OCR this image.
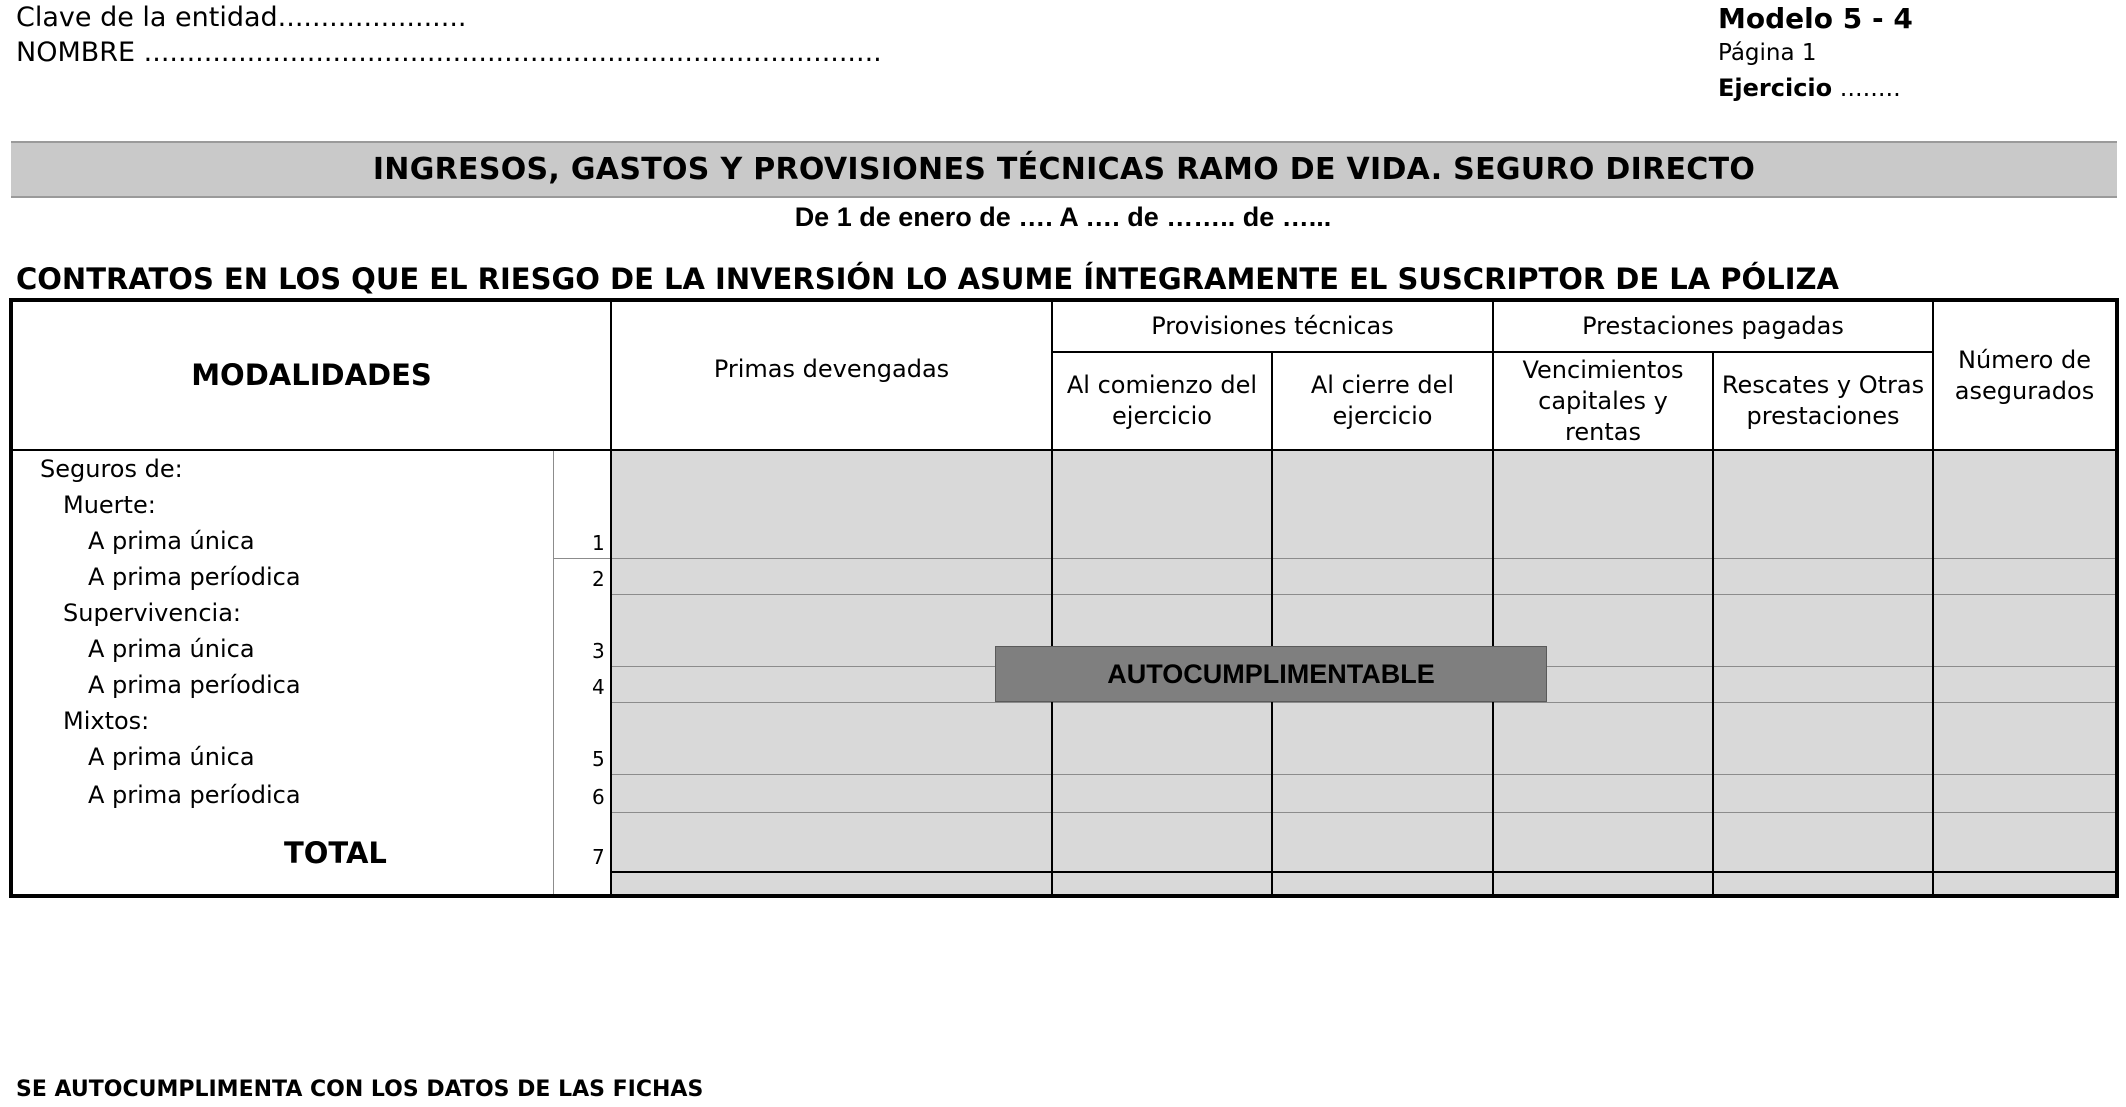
Clave de la entidad......................
NOMBRE ......................................................................................
Modelo 5 - 4
Página 1
Ejercicio ........
INGRESOS, GASTOS Y PROVISIONES TÉCNICAS RAMO DE VIDA. SEGURO DIRECTO
De 1 de enero de …. A …. de …….. de …...
CONTRATOS EN LOS QUE EL RIESGO DE LA INVERSIÓN LO ASUME ÍNTEGRAMENTE EL SUSCRIPTOR DE LA PÓLIZA
MODALIDADES	Primas devengadas
Provisiones técnicas
Al comienzo del ejercicio
Al cierre del ejercicio
Prestaciones pagadas
Vencimientos capitales y rentas
Rescates y Otras prestaciones
Número de asegurados
Seguros de:
Muerte:
A prima única
A prima períodica
Supervivencia:
A prima única
A prima períodica
Mixtos:
A prima única
A prima períodica
TOTAL
1
2
3
4
5
6
7
AUTOCUMPLIMENTABLE
SE AUTOCUMPLIMENTA CON LOS DATOS DE LAS FICHAS
